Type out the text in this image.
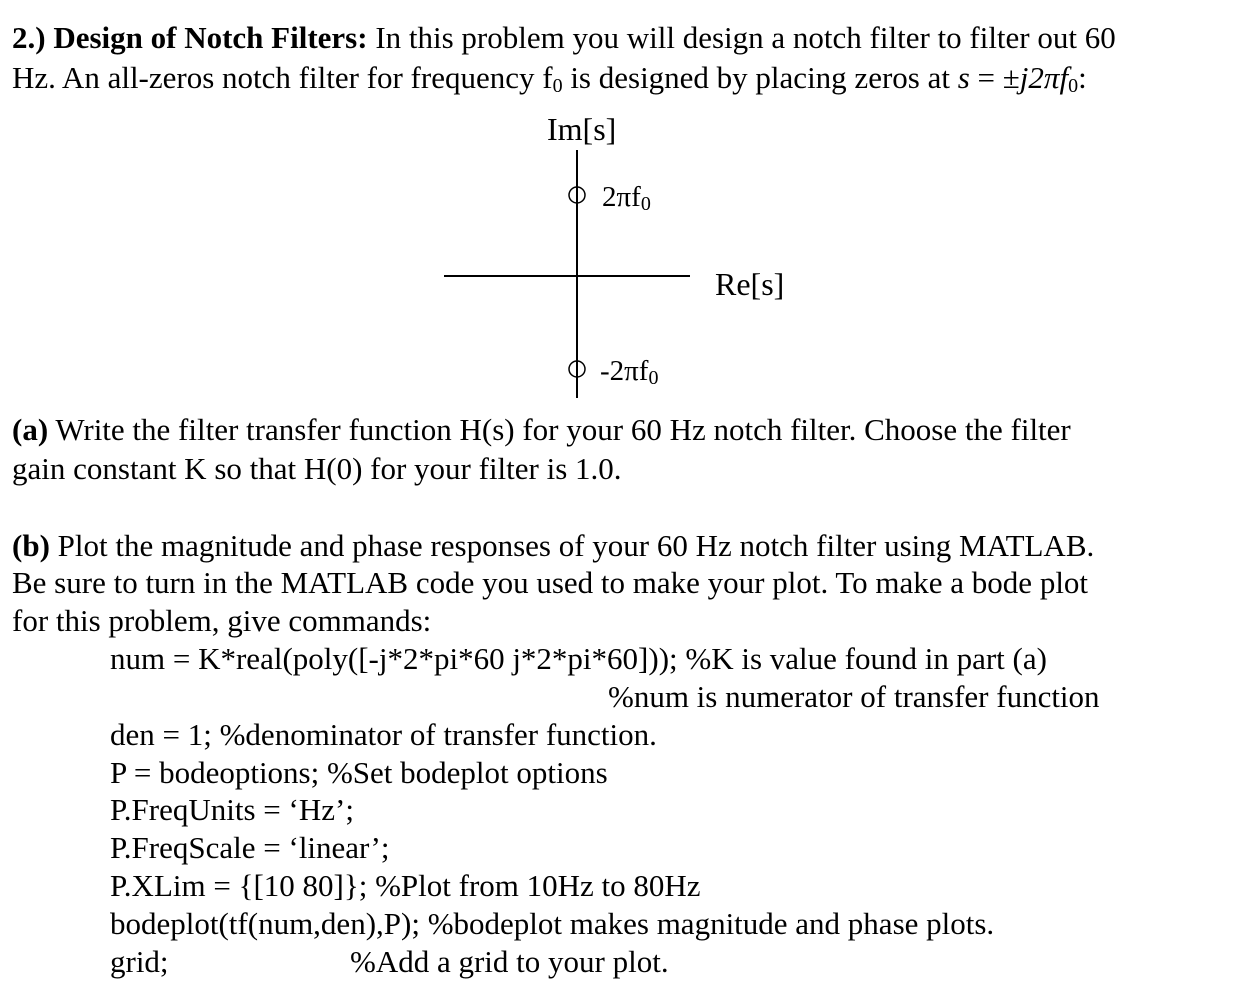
2.) Design of Notch Filters: In this problem you will design a notch filter to filter out 60
Hz. An all-zeros notch filter for frequency $f_0$ is designed by placing zeros at $s = \pm j2\pi f_0$:
Im[s]
Re[s]
$2\pi f_0$
$-2\pi f_0$
(a) Write the filter transfer function H(s) for your 60 Hz notch filter. Choose the filter
gain constant K so that H(0) for your filter is 1.0.
(b) Plot the magnitude and phase responses of your 60 Hz notch filter using MATLAB.
Be sure to turn in the MATLAB code you used to make your plot. To make a bode plot
for this problem, give commands:
num = K*real(poly([-j*2*pi*60 j*2*pi*60])); %K is value found in part (a)
%num is numerator of transfer function
den = 1; %denominator of transfer function.
P = bodeoptions; %Set bodeplot options
P.FreqUnits = ‘Hz’;
P.FreqScale = ‘linear’;
P.XLim = {[10 80]}; %Plot from 10Hz to 80Hz
bodeplot(tf(num,den),P); %bodeplot makes magnitude and phase plots.
grid;	%Add a grid to your plot.
